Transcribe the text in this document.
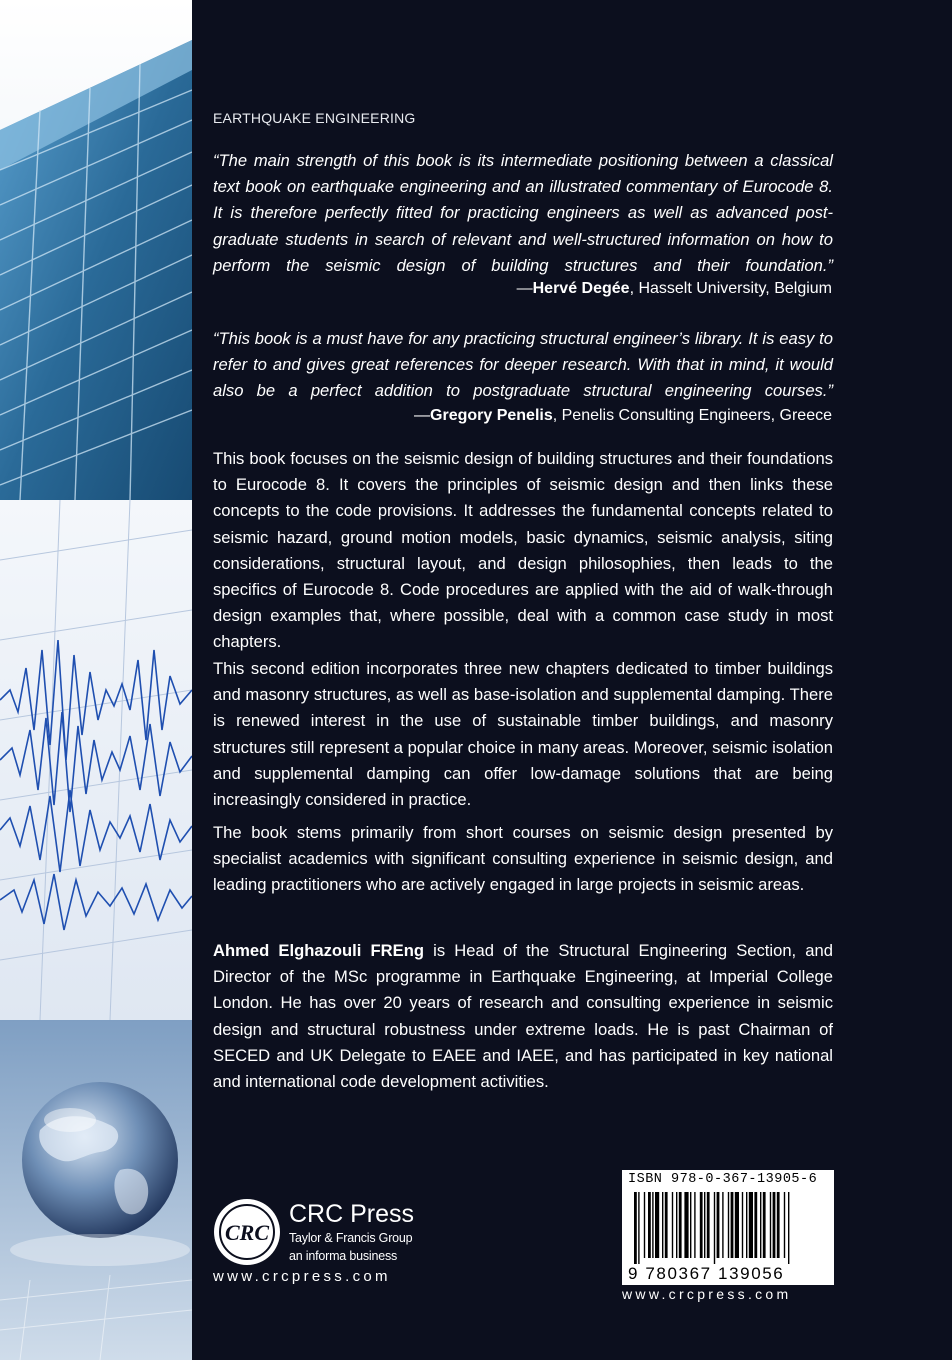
EARTHQUAKE ENGINEERING

“The main strength of this book is its intermediate positioning between a classical text book on earthquake engineering and an illustrated commentary of Eurocode 8. It is therefore perfectly fitted for practicing engineers as well as advanced post-graduate students in search of relevant and well-structured information on how to perform the seismic design of building structures and their foundation.”

—Hervé Degée, Hasselt University, Belgium

“This book is a must have for any practicing structural engineer’s library. It is easy to refer to and gives great references for deeper research. With that in mind, it would also be a perfect addition to postgraduate structural engineering courses.”

—Gregory Penelis, Penelis Consulting Engineers, Greece

This book focuses on the seismic design of building structures and their foundations to Eurocode 8. It covers the principles of seismic design and then links these concepts to the code provisions. It addresses the fundamental concepts related to seismic hazard, ground motion models, basic dynamics, seismic analysis, siting considerations, structural layout, and design philosophies, then leads to the specifics of Eurocode 8. Code procedures are applied with the aid of walk-through design examples that, where possible, deal with a common case study in most chapters.

This second edition incorporates three new chapters dedicated to timber buildings and masonry structures, as well as base-isolation and supplemental damping. There is renewed interest in the use of sustainable timber buildings, and masonry structures still represent a popular choice in many areas. Moreover, seismic isolation and supplemental damping can offer low-damage solutions that are being increasingly considered in practice.

The book stems primarily from short courses on seismic design presented by specialist academics with significant consulting experience in seismic design, and leading practitioners who are actively engaged in large projects in seismic areas.

Ahmed Elghazouli FREng is Head of the Structural Engineering Section, and Director of the MSc programme in Earthquake Engineering, at Imperial College London. He has over 20 years of research and consulting experience in seismic design and structural robustness under extreme loads. He is past Chairman of SECED and UK Delegate to EAEE and IAEE, and has participated in key national and international code development activities.

CRC
CRC Press
Taylor & Francis Group
an informa business
www.crcpress.com
ISBN 978-0-367-13905-6
9 780367 139056
www.crcpress.com
